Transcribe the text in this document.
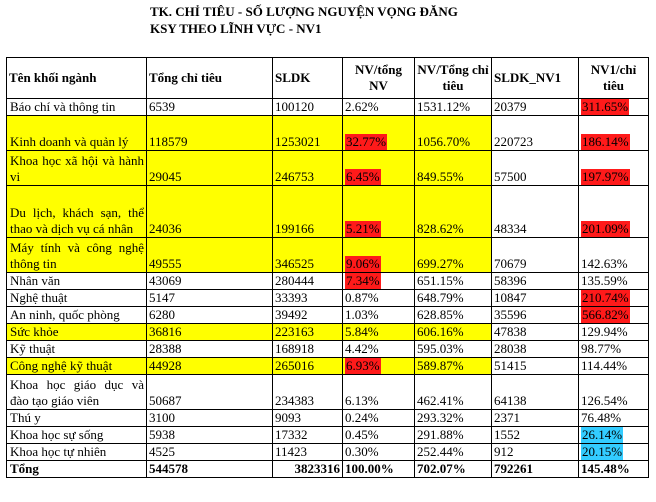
TK. CHỈ TIÊU - SỐ LƯỢNG NGUYỆN VỌNG ĐĂNG
KSY THEO LĨNH VỰC - NV1
Tên khối ngành	Tổng chỉ tiêu	SLDK	NV/tổng NV	NV/Tổng chỉ tiêu	SLDK_NV1	NV1/chỉ tiêu
Báo chí và thông tin	6539	100120	2.62%	1531.12%	20379	311.65%
Kinh doanh và quản lý	118579	1253021	32.77%	1056.70%	220723	186.14%
Khoa học xã hội và hành vi	29045	246753	6.45%	849.55%	57500	197.97%
Du lịch, khách sạn, thể thao và dịch vụ cá nhân	24036	199166	5.21%	828.62%	48334	201.09%
Máy tính và công nghệ thông tin	49555	346525	9.06%	699.27%	70679	142.63%
Nhân văn	43069	280444	7.34%	651.15%	58396	135.59%
Nghệ thuật	5147	33393	0.87%	648.79%	10847	210.74%
An ninh, quốc phòng	6280	39492	1.03%	628.85%	35596	566.82%
Sức khỏe	36816	223163	5.84%	606.16%	47838	129.94%
Kỹ thuật	28388	168918	4.42%	595.03%	28038	98.77%
Công nghệ kỹ thuật	44928	265016	6.93%	589.87%	51415	114.44%
Khoa học giáo dục và đào tạo giáo viên	50687	234383	6.13%	462.41%	64138	126.54%
Thú y	3100	9093	0.24%	293.32%	2371	76.48%
Khoa học sự sống	5938	17332	0.45%	291.88%	1552	26.14%
Khoa học tự nhiên	4525	11423	0.30%	252.44%	912	20.15%
Tổng	544578	3823316	100.00%	702.07%	792261	145.48%
